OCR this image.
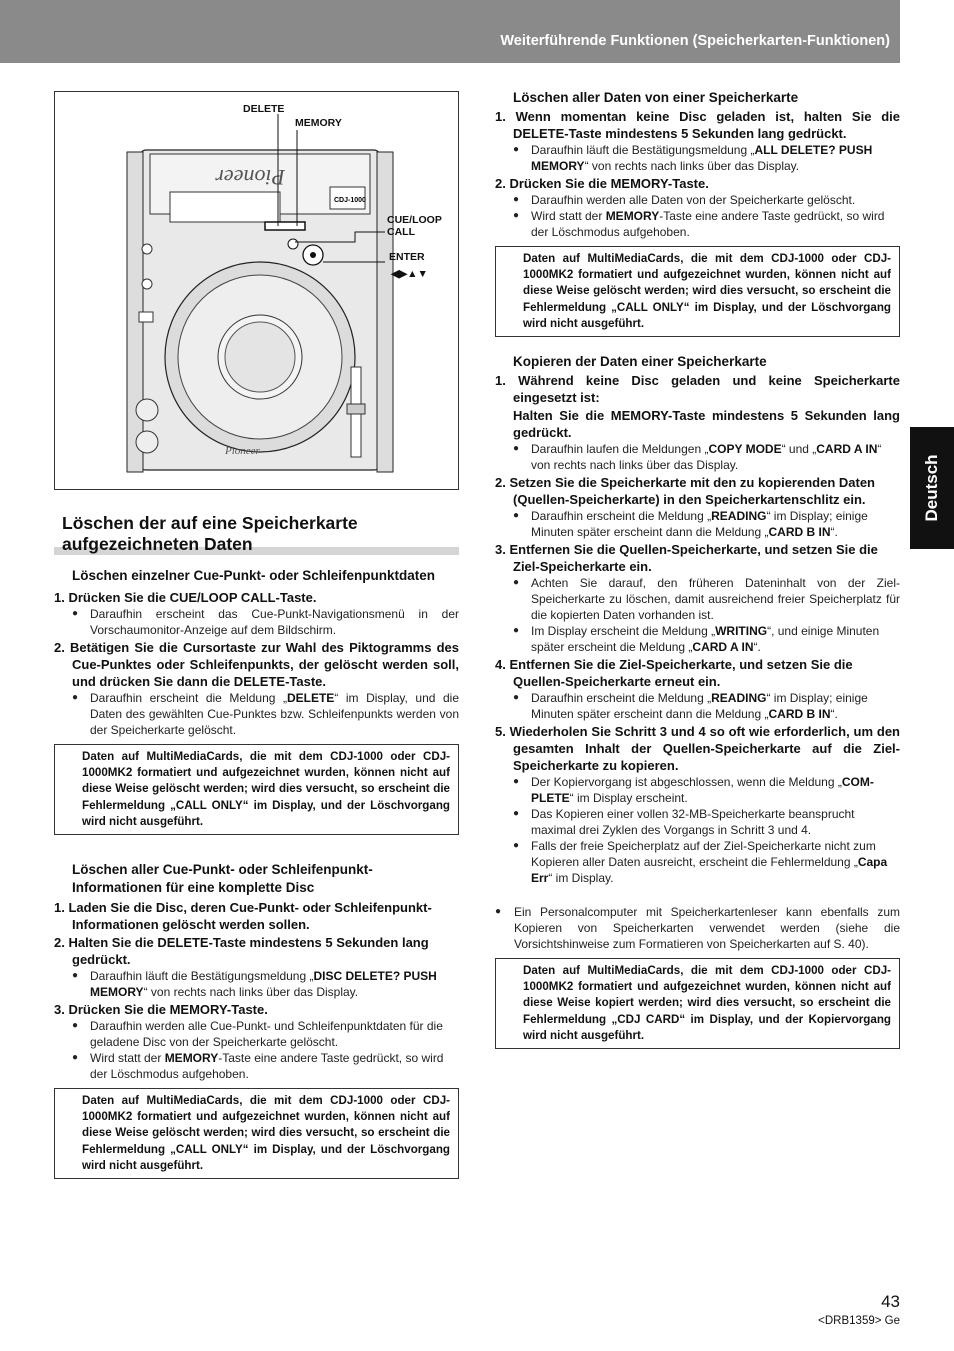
Weiterführende Funktionen (Speicherkarten-Funktionen)
Deutsch
Pioneer
CDJ-1000
Pioneer
DELETE
MEMORY
CUE/LOOP
CALL
ENTER
◀▶▲▼
Löschen der auf eine Speicherkarte aufgezeichneten Daten
Löschen einzelner Cue-Punkt- oder Schleifenpunktdaten
1. Drücken Sie die CUE/LOOP CALL-Taste.
● Daraufhin erscheint das Cue-Punkt-Navigationsmenü in der Vorschaumonitor-Anzeige auf dem Bildschirm.
2. Betätigen Sie die Cursortaste zur Wahl des Piktogramms des Cue-Punktes oder Schleifenpunkts, der gelöscht werden soll, und drücken Sie dann die DELETE-Taste.
● Daraufhin erscheint die Meldung „DELETE“ im Display, und die Daten des gewählten Cue-Punktes bzw. Schleifenpunkts werden von der Speicherkarte gelöscht.
Daten auf MultiMediaCards, die mit dem CDJ-1000 oder CDJ-1000MK2 formatiert und aufgezeichnet wurden, können nicht auf diese Weise gelöscht werden; wird dies versucht, so erscheint die Fehlermeldung „CALL ONLY“ im Display, und der Löschvorgang wird nicht ausgeführt.
Löschen aller Cue-Punkt- oder Schleifenpunkt-Informationen für eine komplette Disc
1. Laden Sie die Disc, deren Cue-Punkt- oder Schleifenpunkt-Informationen gelöscht werden sollen.
2. Halten Sie die DELETE-Taste mindestens 5 Sekunden lang gedrückt.
● Daraufhin läuft die Bestätigungsmeldung „DISC DELETE? PUSH MEMORY“ von rechts nach links über das Display.
3. Drücken Sie die MEMORY-Taste.
● Daraufhin werden alle Cue-Punkt- und Schleifenpunktdaten für die geladene Disc von der Speicherkarte gelöscht.
● Wird statt der MEMORY-Taste eine andere Taste gedrückt, so wird der Löschmodus aufgehoben.
Daten auf MultiMediaCards, die mit dem CDJ-1000 oder CDJ-1000MK2 formatiert und aufgezeichnet wurden, können nicht auf diese Weise gelöscht werden; wird dies versucht, so erscheint die Fehlermeldung „CALL ONLY“ im Display, und der Löschvorgang wird nicht ausgeführt.
Löschen aller Daten von einer Speicherkarte
1. Wenn momentan keine Disc geladen ist, halten Sie die DELETE-Taste mindestens 5 Sekunden lang gedrückt.
● Daraufhin läuft die Bestätigungsmeldung „ALL DELETE? PUSH MEMORY“ von rechts nach links über das Display.
2. Drücken Sie die MEMORY-Taste.
● Daraufhin werden alle Daten von der Speicherkarte gelöscht.
● Wird statt der MEMORY-Taste eine andere Taste gedrückt, so wird der Löschmodus aufgehoben.
Daten auf MultiMediaCards, die mit dem CDJ-1000 oder CDJ-1000MK2 formatiert und aufgezeichnet wurden, können nicht auf diese Weise gelöscht werden; wird dies versucht, so erscheint die Fehlermeldung „CALL ONLY“ im Display, und der Löschvorgang wird nicht ausgeführt.
Kopieren der Daten einer Speicherkarte
1. Während keine Disc geladen und keine Speicherkarte eingesetzt ist:
Halten Sie die MEMORY-Taste mindestens 5 Sekunden lang gedrückt.
● Daraufhin laufen die Meldungen „COPY MODE“ und „CARD A IN“ von rechts nach links über das Display.
2. Setzen Sie die Speicherkarte mit den zu kopierenden Daten (Quellen-Speicherkarte) in den Speicherkartenschlitz ein.
● Daraufhin erscheint die Meldung „READING“ im Display; einige Minuten später erscheint dann die Meldung „CARD B IN“.
3. Entfernen Sie die Quellen-Speicherkarte, und setzen Sie die Ziel-Speicherkarte ein.
● Achten Sie darauf, den früheren Dateninhalt von der Ziel-Speicherkarte zu löschen, damit ausreichend freier Speicherplatz für die kopierten Daten vorhanden ist.
● Im Display erscheint die Meldung „WRITING“, und einige Minuten später erscheint die Meldung „CARD A IN“.
4. Entfernen Sie die Ziel-Speicherkarte, und setzen Sie die Quellen-Speicherkarte erneut ein.
● Daraufhin erscheint die Meldung „READING“ im Display; einige Minuten später erscheint dann die Meldung „CARD B IN“.
5. Wiederholen Sie Schritt 3 und 4 so oft wie erforderlich, um den gesamten Inhalt der Quellen-Speicherkarte auf die Ziel-Speicherkarte zu kopieren.
● Der Kopiervorgang ist abgeschlossen, wenn die Meldung „COM-PLETE“ im Display erscheint.
● Das Kopieren einer vollen 32-MB-Speicherkarte beansprucht maximal drei Zyklen des Vorgangs in Schritt 3 und 4.
● Falls der freie Speicherplatz auf der Ziel-Speicherkarte nicht zum Kopieren aller Daten ausreicht, erscheint die Fehlermeldung „Capa Err“ im Display.
● Ein Personalcomputer mit Speicherkartenleser kann ebenfalls zum Kopieren von Speicherkarten verwendet werden (siehe die Vorsichtshinweise zum Formatieren von Speicherkarten auf S. 40).
Daten auf MultiMediaCards, die mit dem CDJ-1000 oder CDJ-1000MK2 formatiert und aufgezeichnet wurden, können nicht auf diese Weise kopiert werden; wird dies versucht, so erscheint die Fehlermeldung „CDJ CARD“ im Display, und der Kopiervorgang wird nicht ausgeführt.
43
<DRB1359> Ge
